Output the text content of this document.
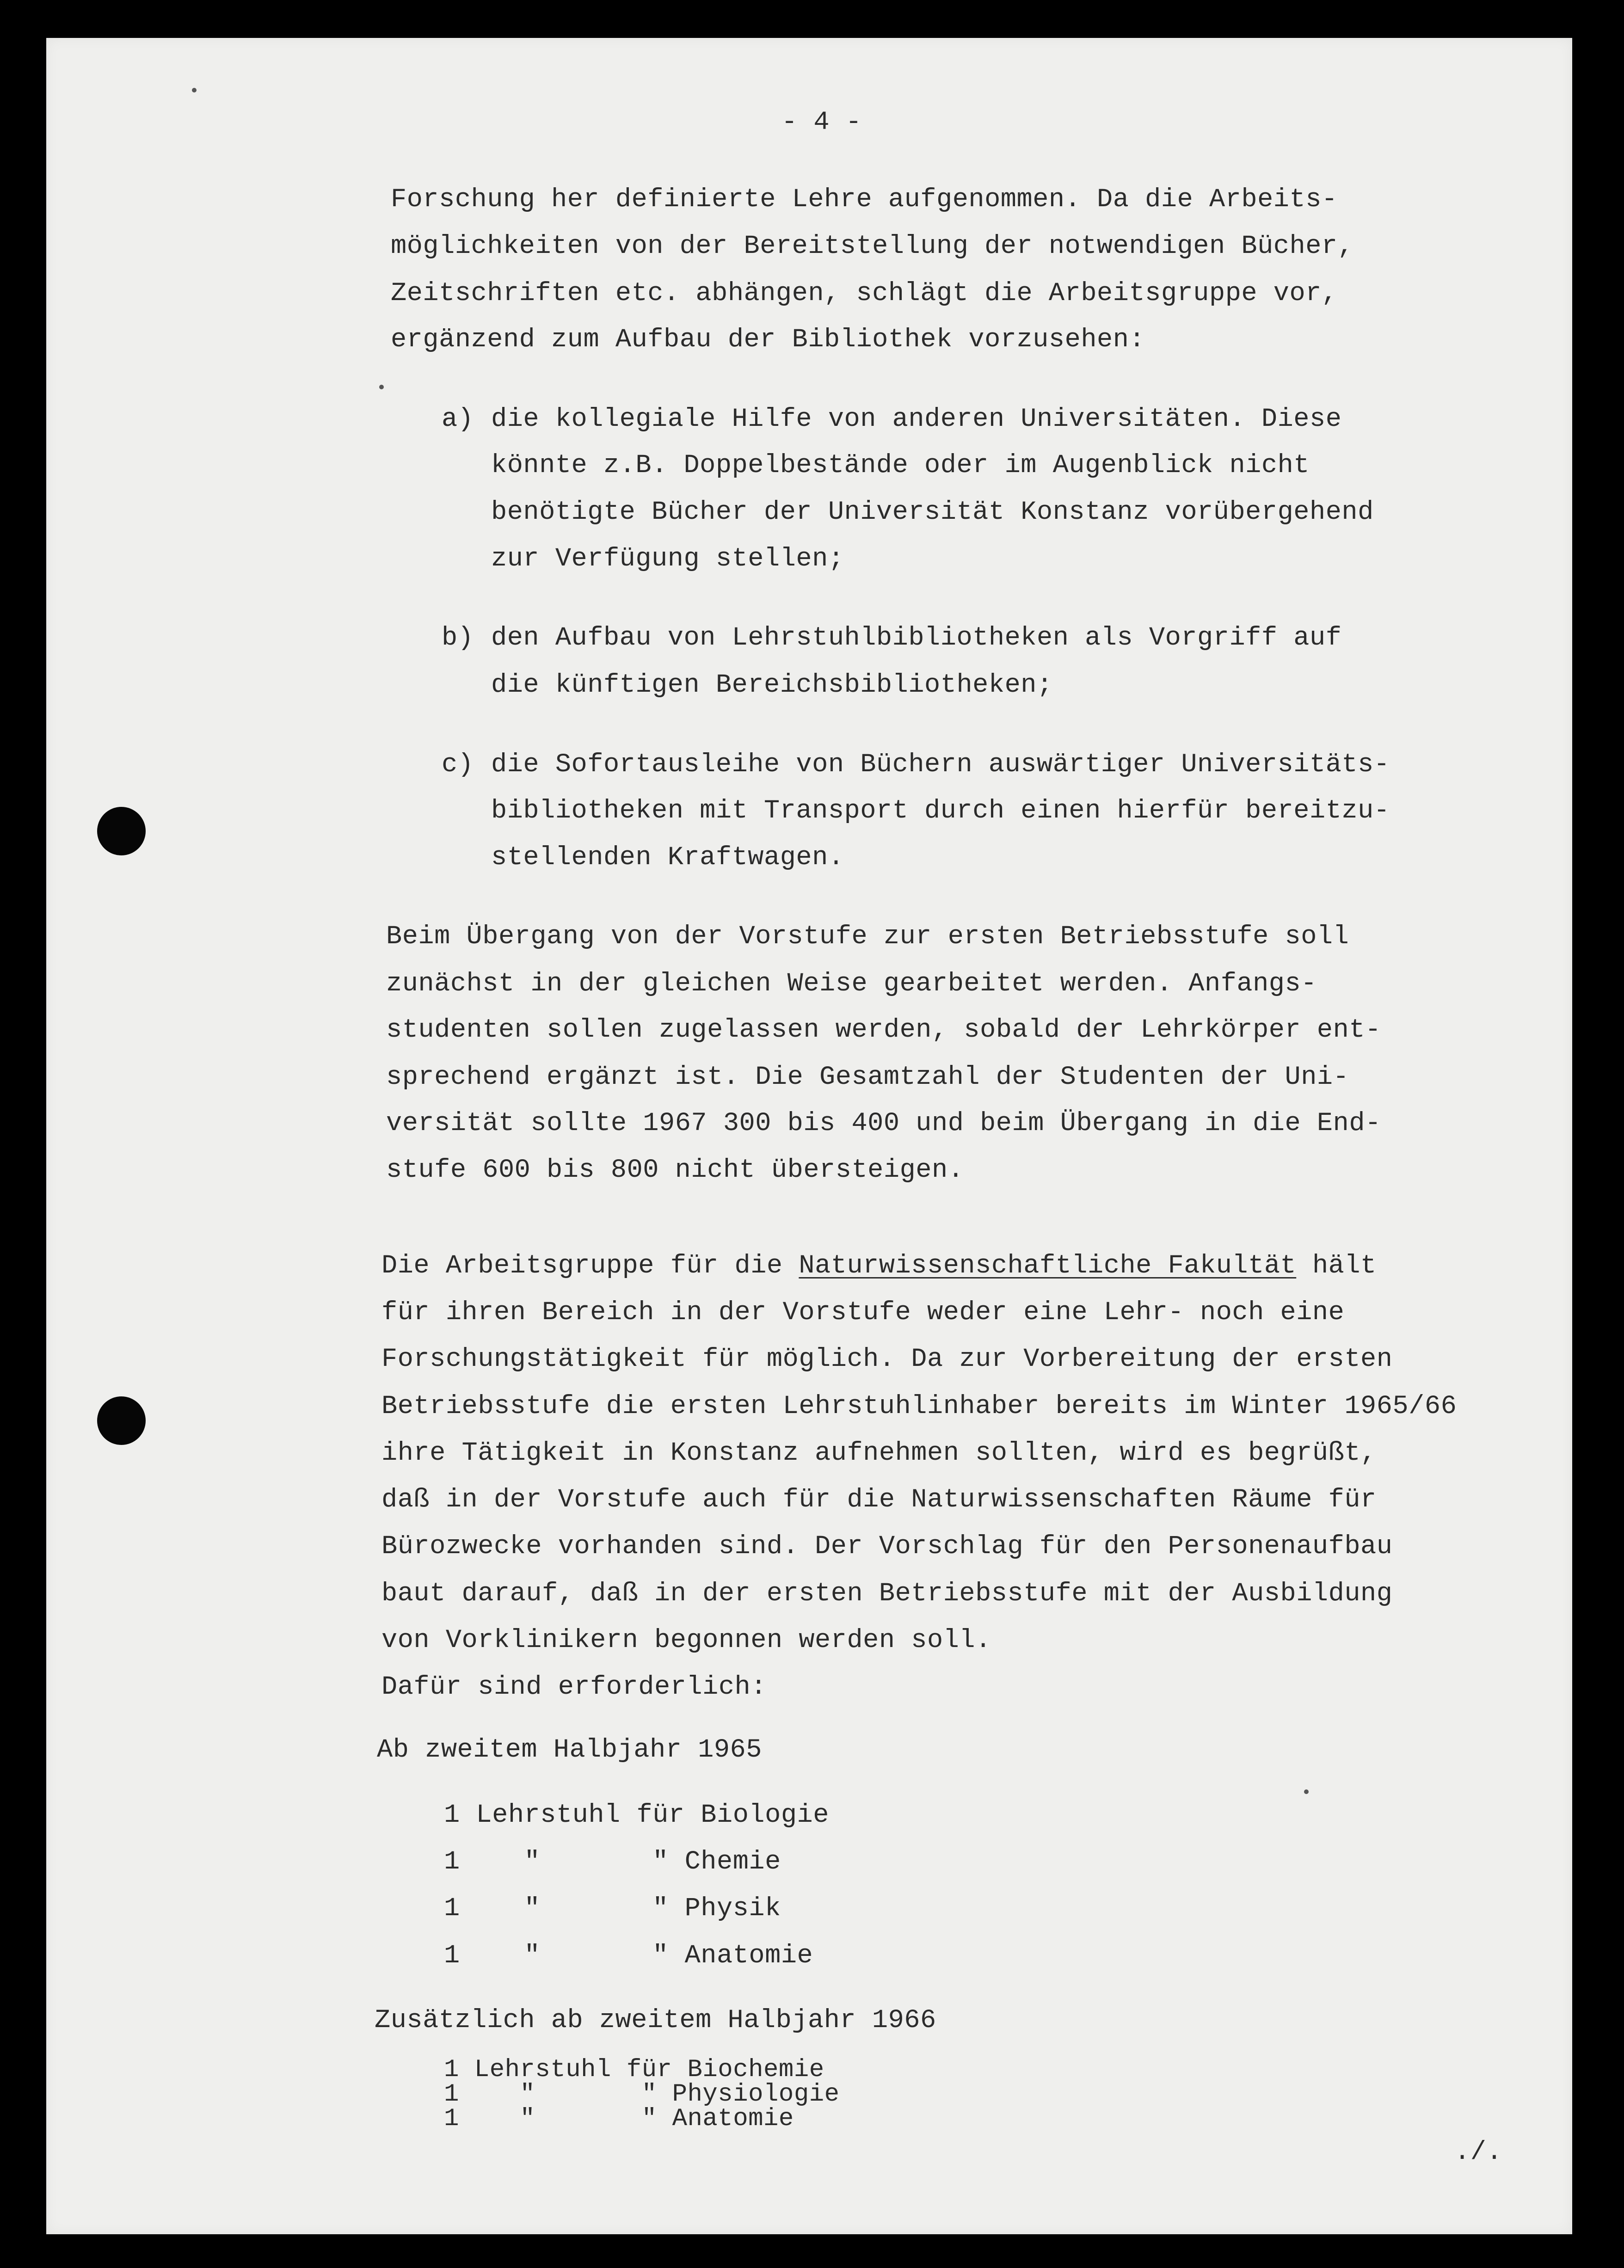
- 4 -

Forschung her definierte Lehre aufgenommen. Da die Arbeits-

möglichkeiten von der Bereitstellung der notwendigen Bücher,

Zeitschriften etc. abhängen, schlägt die Arbeitsgruppe vor,

ergänzend zum Aufbau der Bibliothek vorzusehen:

a) die kollegiale Hilfe von anderen Universitäten. Diese

könnte z.B. Doppelbestände oder im Augenblick nicht

benötigte Bücher der Universität Konstanz vorübergehend

zur Verfügung stellen;

b) den Aufbau von Lehrstuhlbibliotheken als Vorgriff auf

die künftigen Bereichsbibliotheken;

c) die Sofortausleihe von Büchern auswärtiger Universitäts-

bibliotheken mit Transport durch einen hierfür bereitzu-

stellenden Kraftwagen.

Beim Übergang von der Vorstufe zur ersten Betriebsstufe soll

zunächst in der gleichen Weise gearbeitet werden. Anfangs-

studenten sollen zugelassen werden, sobald der Lehrkörper ent-

sprechend ergänzt ist. Die Gesamtzahl der Studenten der Uni-

versität sollte 1967 300 bis 400 und beim Übergang in die End-

stufe 600 bis 800 nicht übersteigen.

Die Arbeitsgruppe für die Naturwissenschaftliche Fakultät hält

für ihren Bereich in der Vorstufe weder eine Lehr- noch eine

Forschungstätigkeit für möglich. Da zur Vorbereitung der ersten

Betriebsstufe die ersten Lehrstuhlinhaber bereits im Winter 1965/66

ihre Tätigkeit in Konstanz aufnehmen sollten, wird es begrüßt,

daß in der Vorstufe auch für die Naturwissenschaften Räume für

Bürozwecke vorhanden sind. Der Vorschlag für den Personenaufbau

baut darauf, daß in der ersten Betriebsstufe mit der Ausbildung

von Vorklinikern begonnen werden soll.

Dafür sind erforderlich:

Ab zweitem Halbjahr 1965

1 Lehrstuhl für Biologie

1    "       " Chemie

1    "       " Physik

1    "       " Anatomie

Zusätzlich ab zweitem Halbjahr 1966

1 Lehrstuhl für Biochemie

1    "       " Physiologie

1    "       " Anatomie

./.
